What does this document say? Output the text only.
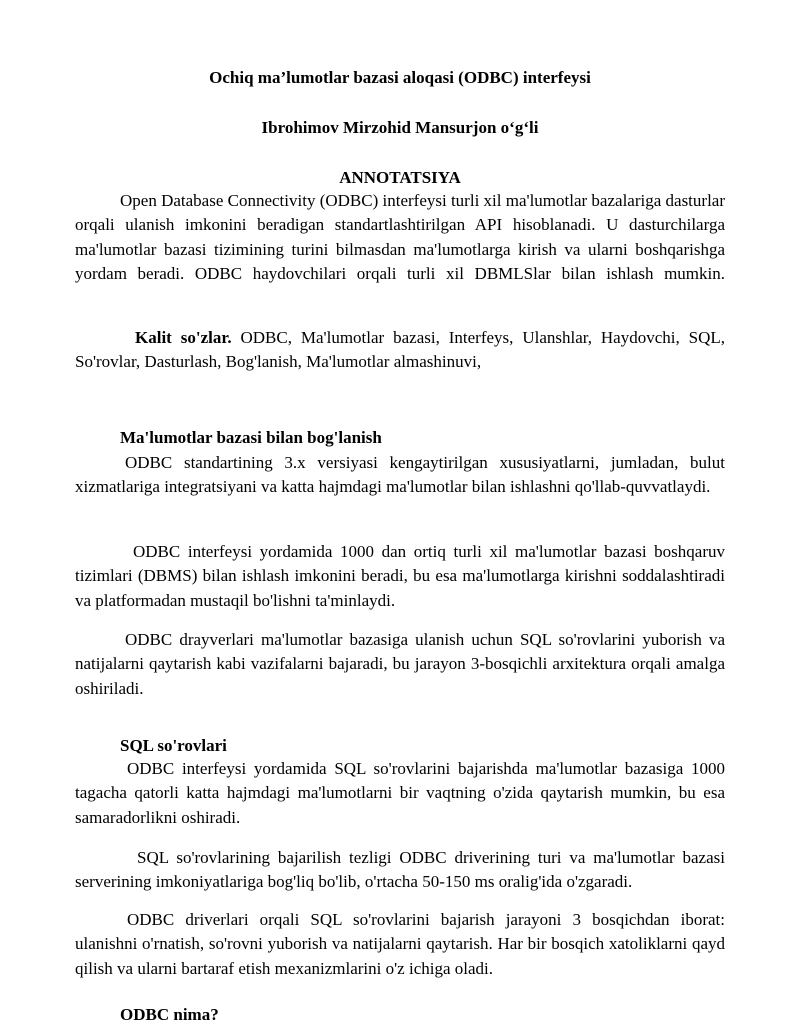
Ochiq ma’lumotlar bazasi aloqasi (ODBC) interfeysi

Ibrohimov Mirzohid Mansurjon o‘g‘li

ANNOTATSIYA

Open Database Connectivity (ODBC) interfeysi turli xil ma'lumotlar bazalariga dasturlar orqali ulanish imkonini beradigan standartlashtirilgan API hisoblanadi. U dasturchilarga ma'lumotlar bazasi tizimining turini bilmasdan ma'lumotlarga kirish va ularni boshqarishga yordam beradi. ODBC haydovchilari orqali turli xil DBMLSlar bilan ishlash mumkin.

Kalit so'zlar. ODBC, Ma'lumotlar bazasi, Interfeys, Ulanshlar, Haydovchi, SQL, So'rovlar, Dasturlash, Bog'lanish, Ma'lumotlar almashinuvi,

Ma'lumotlar bazasi bilan bog'lanish

ODBC standartining 3.x versiyasi kengaytirilgan xususiyatlarni, jumladan, bulut xizmatlariga integratsiyani va katta hajmdagi ma'lumotlar bilan ishlashni qo'llab-quvvatlaydi.

ODBC interfeysi yordamida 1000 dan ortiq turli xil ma'lumotlar bazasi boshqaruv tizimlari (DBMS) bilan ishlash imkonini beradi, bu esa ma'lumotlarga kirishni soddalashtiradi va platformadan mustaqil bo'lishni ta'minlaydi.

ODBC drayverlari ma'lumotlar bazasiga ulanish uchun SQL so'rovlarini yuborish va natijalarni qaytarish kabi vazifalarni bajaradi, bu jarayon 3-bosqichli arxitektura orqali amalga oshiriladi.

SQL so'rovlari

ODBC interfeysi yordamida SQL so'rovlarini bajarishda ma'lumotlar bazasiga 1000 tagacha qatorli katta hajmdagi ma'lumotlarni bir vaqtning o'zida qaytarish mumkin, bu esa samaradorlikni oshiradi.

SQL so'rovlarining bajarilish tezligi ODBC driverining turi va ma'lumotlar bazasi serverining imkoniyatlariga bog'liq bo'lib, o'rtacha 50-150 ms oralig'ida o'zgaradi.

ODBC driverlari orqali SQL so'rovlarini bajarish jarayoni 3 bosqichdan iborat: ulanishni o'rnatish, so'rovni yuborish va natijalarni qaytarish. Har bir bosqich xatoliklarni qayd qilish va ularni bartaraf etish mexanizmlarini o'z ichiga oladi.

ODBC nima?
